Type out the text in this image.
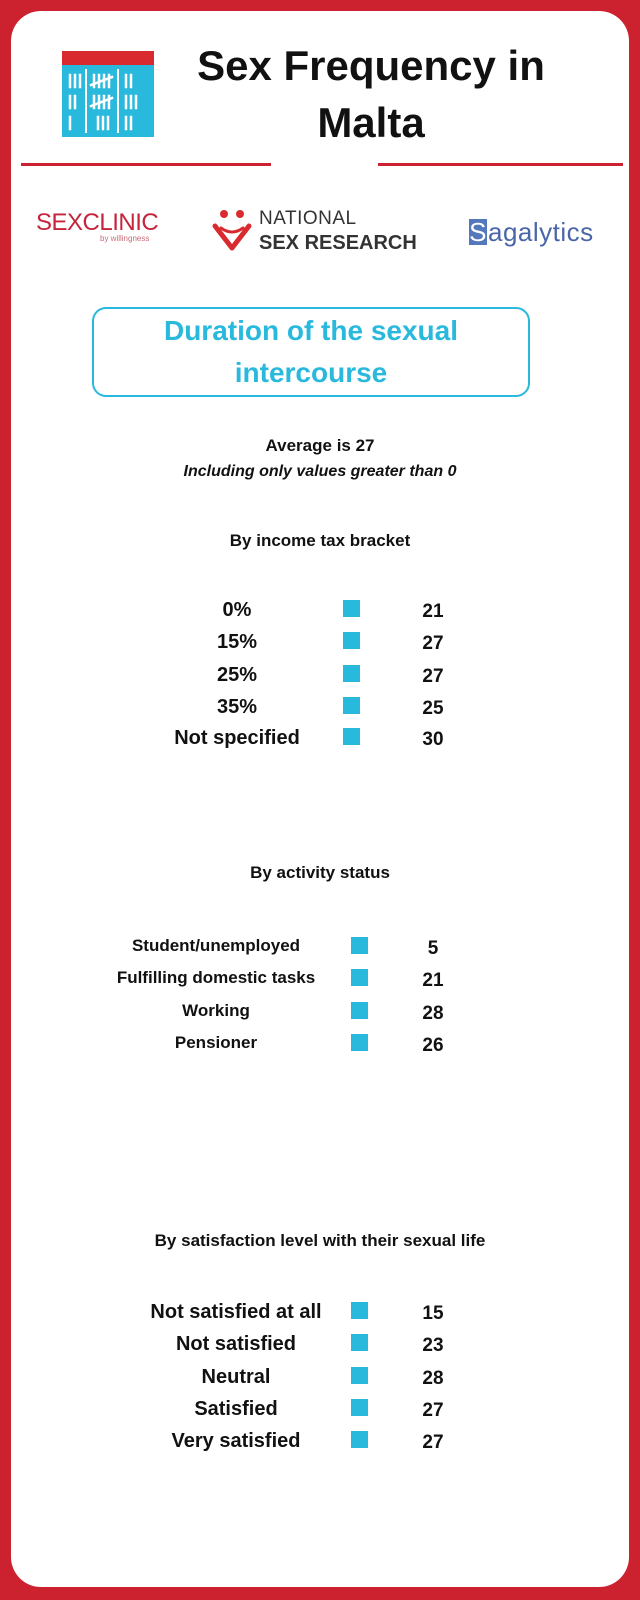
Sex Frequency in Malta
SEXCLINIC
by willingness
NATIONAL
SEX RESEARCH Sagalytics
Duration of the sexual intercourse
Average is 27
Including only values greater than 0
By income tax bracket
0%	21
15%	27
25%	27
35%	25
Not specified	30
By activity status
Student/unemployed	5
Fulfilling domestic tasks	21
Working	28
Pensioner	26
By satisfaction level with their sexual life
Not satisfied at all	15
Not satisfied	23
Neutral	28
Satisfied	27
Very satisfied	27
